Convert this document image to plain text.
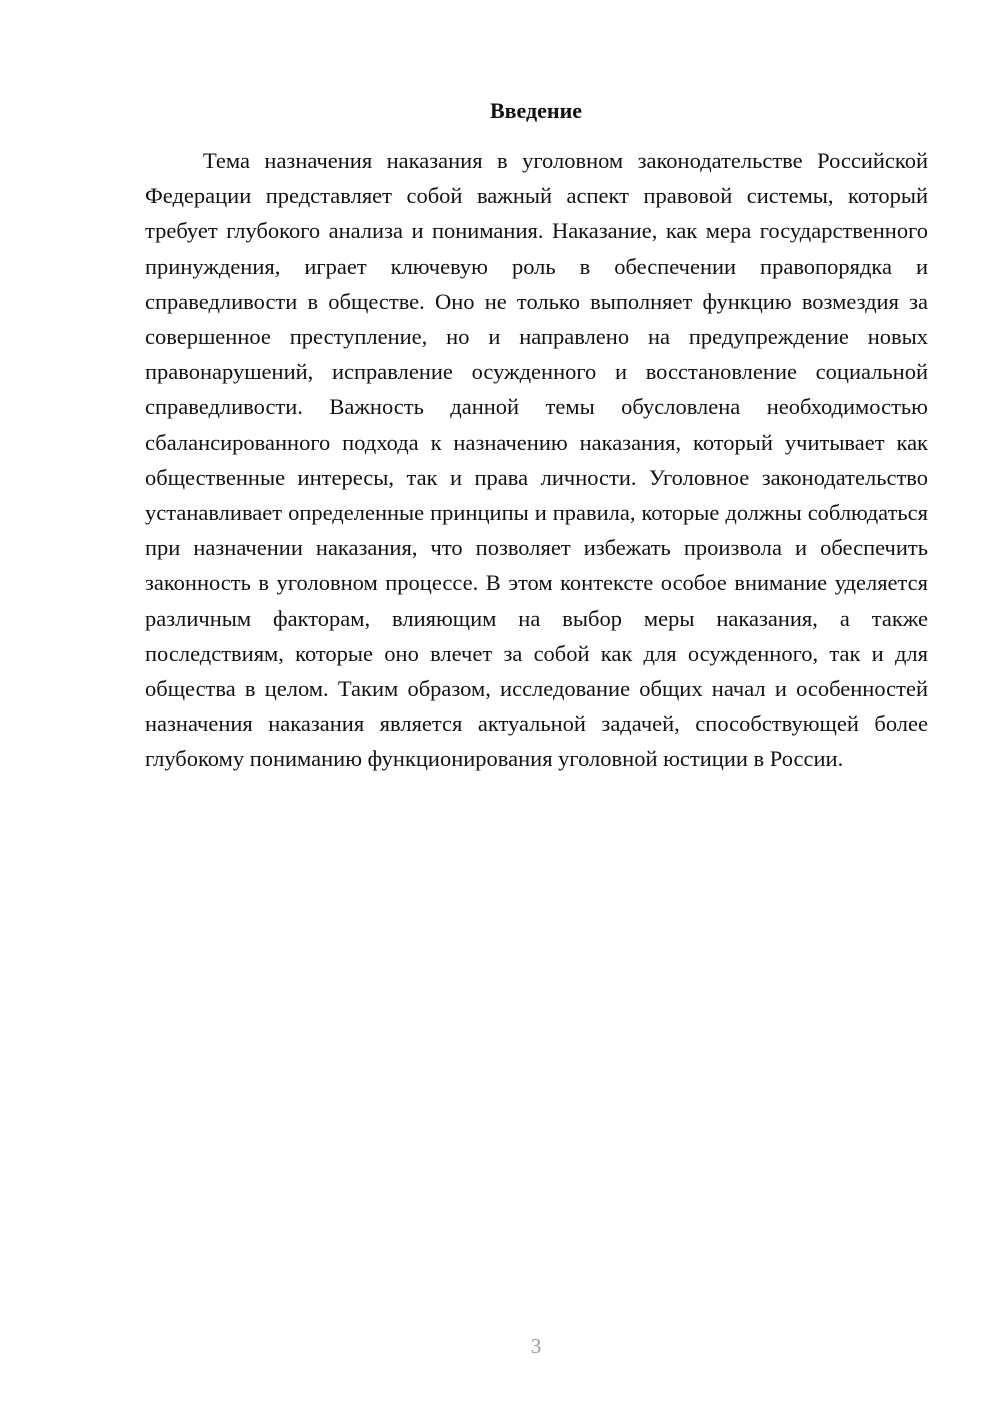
Введение

Тема назначения наказания в уголовном законодательстве Российской Федерации представляет собой важный аспект правовой системы, который требует глубокого анализа и понимания. Наказание, как мера государственного принуждения, играет ключевую роль в обеспечении правопорядка и справедливости в обществе. Оно не только выполняет функцию возмездия за совершенное преступление, но и направлено на предупреждение новых правонарушений, исправление осужденного и восстановление социальной справедливости. Важность данной темы обусловлена необходимостью сбалансированного подхода к назначению наказания, который учитывает как общественные интересы, так и права личности. Уголовное законодательство устанавливает определенные принципы и правила, которые должны соблюдаться при назначении наказания, что позволяет избежать произвола и обеспечить законность в уголовном процессе. В этом контексте особое внимание уделяется различным факторам, влияющим на выбор меры наказания, а также последствиям, которые оно влечет за собой как для осужденного, так и для общества в целом. Таким образом, исследование общих начал и особенностей назначения наказания является актуальной задачей, способствующей более глубокому пониманию функционирования уголовной юстиции в России.

3
